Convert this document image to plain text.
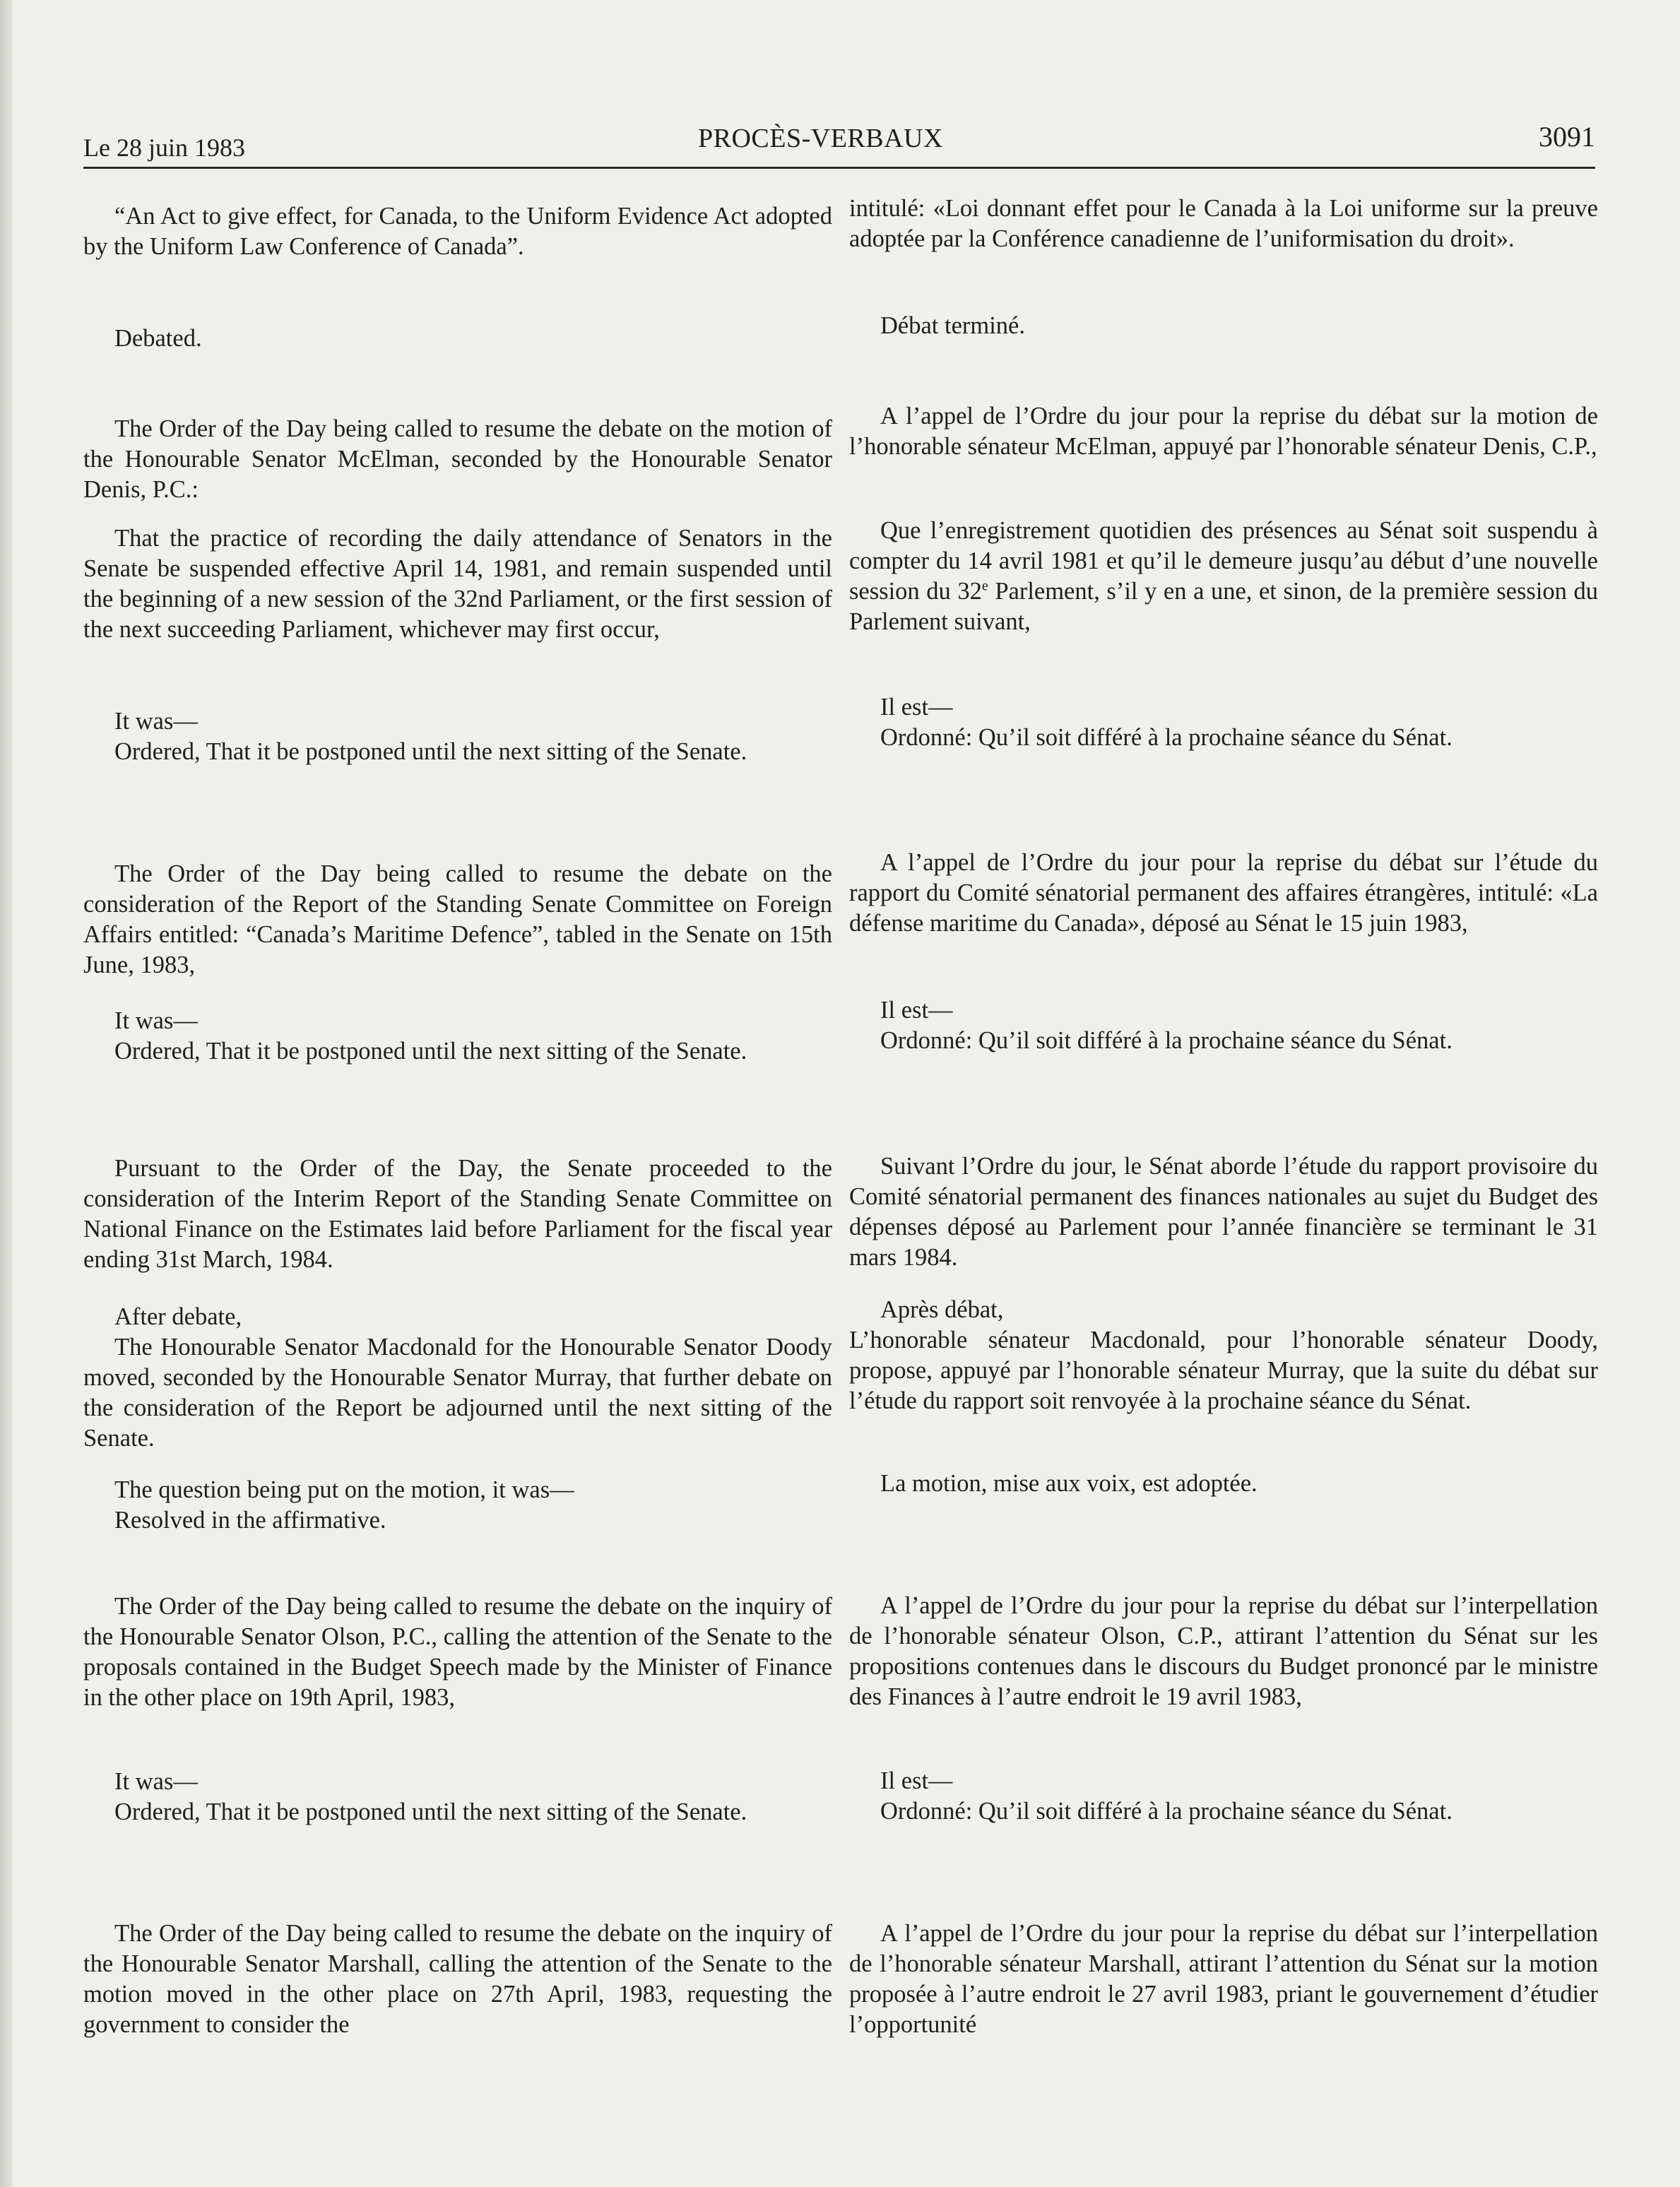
Le 28 juin 1983	PROCÈS-VERBAUX	3091

“An Act to give effect, for Canada, to the Uniform Evidence Act adopted by the Uniform Law Conference of Canada”.

Debated.

The Order of the Day being called to resume the debate on the motion of the Honourable Senator McElman, seconded by the Honourable Senator Denis, P.C.:

That the practice of recording the daily attendance of Senators in the Senate be suspended effective April 14, 1981, and remain suspended until the beginning of a new session of the 32nd Parliament, or the first session of the next succeeding Parliament, whichever may first occur,

It was—

Ordered, That it be postponed until the next sitting of the Senate.

The Order of the Day being called to resume the debate on the consideration of the Report of the Standing Senate Committee on Foreign Affairs entitled: “Canada’s Maritime Defence”, tabled in the Senate on 15th June, 1983,

It was—

Ordered, That it be postponed until the next sitting of the Senate.

Pursuant to the Order of the Day, the Senate proceeded to the consideration of the Interim Report of the Standing Senate Committee on National Finance on the Estimates laid before Parliament for the fiscal year ending 31st March, 1984.

After debate,

The Honourable Senator Macdonald for the Honourable Senator Doody moved, seconded by the Honourable Senator Murray, that further debate on the consideration of the Report be adjourned until the next sitting of the Senate.

The question being put on the motion, it was—

Resolved in the affirmative.

The Order of the Day being called to resume the debate on the inquiry of the Honourable Senator Olson, P.C., calling the attention of the Senate to the proposals contained in the Budget Speech made by the Minister of Finance in the other place on 19th April, 1983,

It was—

Ordered, That it be postponed until the next sitting of the Senate.

The Order of the Day being called to resume the debate on the inquiry of the Honourable Senator Marshall, calling the attention of the Senate to the motion moved in the other place on 27th April, 1983, requesting the government to consider the

intitulé: «Loi donnant effet pour le Canada à la Loi uniforme sur la preuve adoptée par la Conférence canadienne de l’uniformisation du droit».

Débat terminé.

A l’appel de l’Ordre du jour pour la reprise du débat sur la motion de l’honorable sénateur McElman, appuyé par l’honorable sénateur Denis, C.P.,

Que l’enregistrement quotidien des présences au Sénat soit suspendu à compter du 14 avril 1981 et qu’il le demeure jusqu’au début d’une nouvelle session du 32e Parlement, s’il y en a une, et sinon, de la première session du Parlement suivant,

Il est—

Ordonné: Qu’il soit différé à la prochaine séance du Sénat.

A l’appel de l’Ordre du jour pour la reprise du débat sur l’étude du rapport du Comité sénatorial permanent des affaires étrangères, intitulé: «La défense maritime du Canada», déposé au Sénat le 15 juin 1983,

Il est—

Ordonné: Qu’il soit différé à la prochaine séance du Sénat.

Suivant l’Ordre du jour, le Sénat aborde l’étude du rapport provisoire du Comité sénatorial permanent des finances nationales au sujet du Budget des dépenses déposé au Parlement pour l’année financière se terminant le 31 mars 1984.

Après débat,

L’honorable sénateur Macdonald, pour l’honorable sénateur Doody, propose, appuyé par l’honorable sénateur Murray, que la suite du débat sur l’étude du rapport soit renvoyée à la prochaine séance du Sénat.

La motion, mise aux voix, est adoptée.

A l’appel de l’Ordre du jour pour la reprise du débat sur l’interpellation de l’honorable sénateur Olson, C.P., attirant l’attention du Sénat sur les propositions contenues dans le discours du Budget prononcé par le ministre des Finances à l’autre endroit le 19 avril 1983,

Il est—

Ordonné: Qu’il soit différé à la prochaine séance du Sénat.

A l’appel de l’Ordre du jour pour la reprise du débat sur l’interpellation de l’honorable sénateur Marshall, attirant l’attention du Sénat sur la motion proposée à l’autre endroit le 27 avril 1983, priant le gouvernement d’étudier l’opportunité
